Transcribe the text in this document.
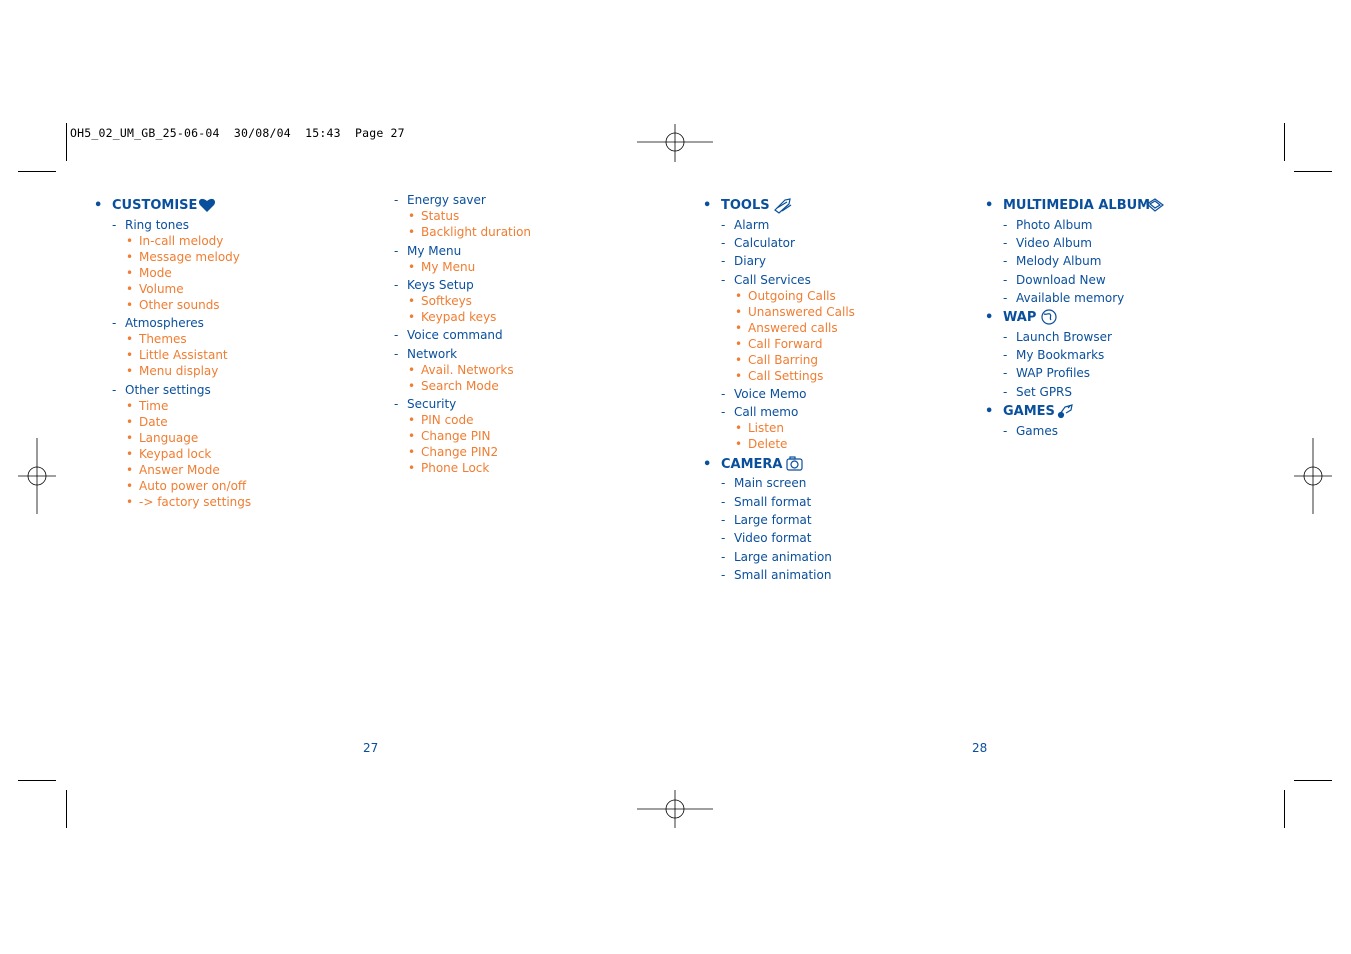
OH5_02_UM_GB_25-06-04  30/08/04  15:43  Page 27
• CUSTOMISE
- Ring tones
• In-call melody
• Message melody
• Mode
• Volume
• Other sounds
- Atmospheres
• Themes
• Little Assistant
• Menu display
- Other settings
• Time
• Date
• Language
• Keypad lock
• Answer Mode
• Auto power on/off
• -> factory settings
- Energy saver
• Status
• Backlight duration
- My Menu
• My Menu
- Keys Setup
• Softkeys
• Keypad keys
- Voice command
- Network
• Avail. Networks
• Search Mode
- Security
• PIN code
• Change PIN
• Change PIN2
• Phone Lock
27
• TOOLS
- Alarm
- Calculator
- Diary
- Call Services
• Outgoing Calls
• Unanswered Calls
• Answered calls
• Call Forward
• Call Barring
• Call Settings
- Voice Memo
- Call memo
• Listen
• Delete
• CAMERA
- Main screen
- Small format
- Large format
- Video format
- Large animation
- Small animation
• MULTIMEDIA ALBUM
- Photo Album
- Video Album
- Melody Album
- Download New
- Available memory
• WAP
- Launch Browser
- My Bookmarks
- WAP Profiles
- Set GPRS
• GAMES
- Games
28
